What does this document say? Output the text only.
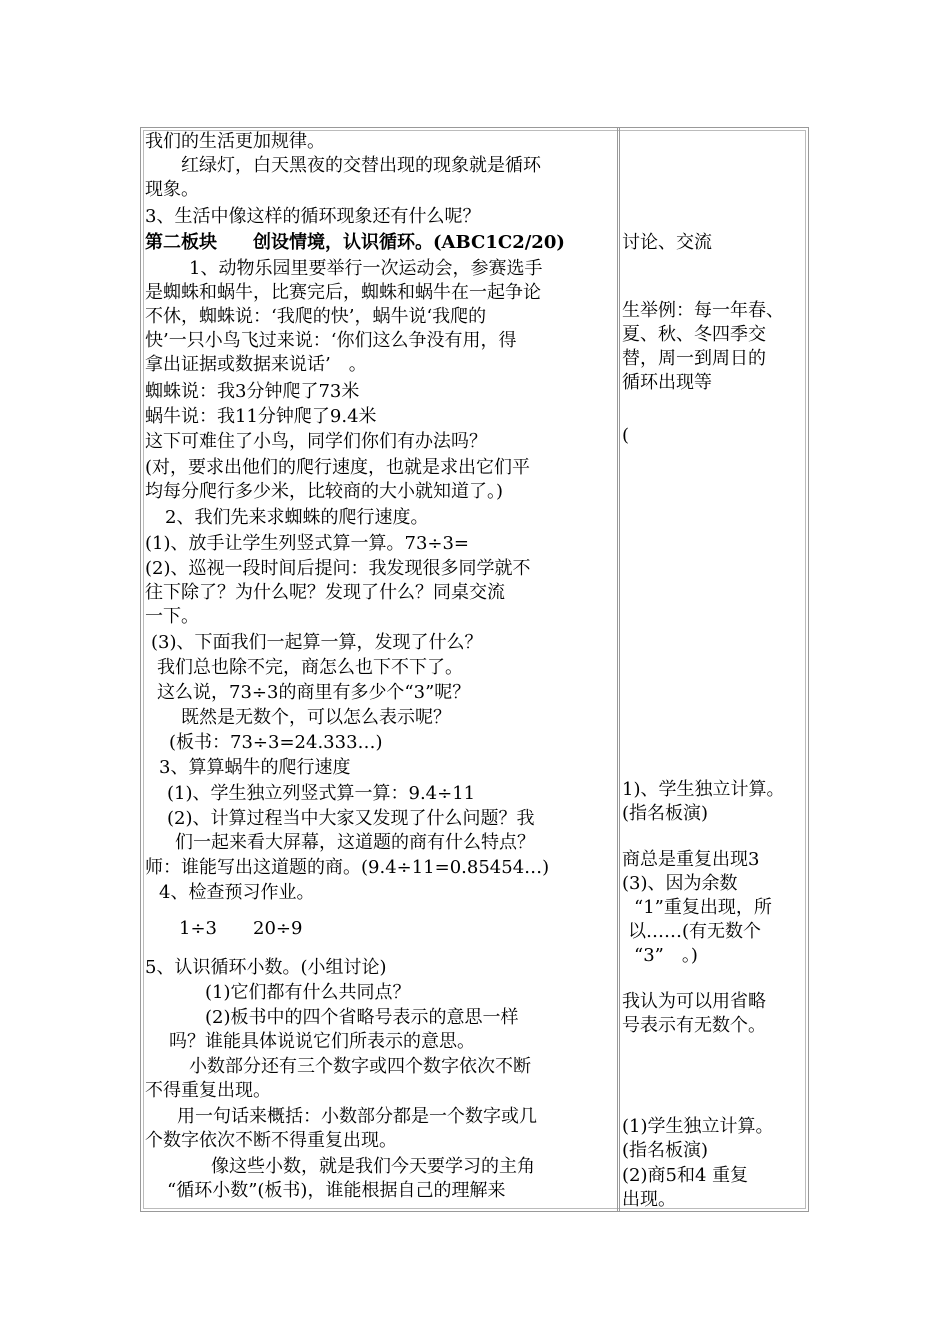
我们的生活更加规律。
红绿灯，白天黑夜的交替出现的现象就是循环
现象。
3、生活中像这样的循环现象还有什么呢？
第二板块　　创设情境，认识循环。(ABC1C2/20)
1、动物乐园里要举行一次运动会，参赛选手
是蜘蛛和蜗牛，比赛完后，蜘蛛和蜗牛在一起争论
不休，蜘蛛说：‘我爬的快’，蜗牛说‘我爬的
快’一只小鸟飞过来说：‘你们这么争没有用，得
拿出证据或数据来说话’　。
蜘蛛说：我3分钟爬了73米
蜗牛说：我11分钟爬了9.4米
这下可难住了小鸟，同学们你们有办法吗？
(对，要求出他们的爬行速度，也就是求出它们平
均每分爬行多少米，比较商的大小就知道了。)
2、我们先来求蜘蛛的爬行速度。
(1)、放手让学生列竖式算一算。73÷3=
(2)、巡视一段时间后提问：我发现很多同学就不
往下除了？为什么呢？发现了什么？同桌交流
一下。
(3)、下面我们一起算一算，发现了什么？
我们总也除不完，商怎么也下不下了。
这么说，73÷3的商里有多少个“3”呢？
既然是无数个，可以怎么表示呢？
(板书：73÷3=24.333…)
3、算算蜗牛的爬行速度
(1)、学生独立列竖式算一算：9.4÷11
(2)、计算过程当中大家又发现了什么问题？我
们一起来看大屏幕，这道题的商有什么特点？
师：谁能写出这道题的商。(9.4÷11=0.85454…)
4、检查预习作业。
1÷3　　20÷9
5、认识循环小数。(小组讨论)
(1)它们都有什么共同点？
(2)板书中的四个省略号表示的意思一样
吗？谁能具体说说它们所表示的意思。
小数部分还有三个数字或四个数字依次不断
不得重复出现。
用一句话来概括：小数部分都是一个数字或几
个数字依次不断不得重复出现。
像这些小数，就是我们今天要学习的主角
“循环小数”(板书)，谁能根据自己的理解来
讨论、交流
生举例：每一年春、
夏、秋、冬四季交
替，周一到周日的
循环出现等
(
1)、学生独立计算。
(指名板演)
商总是重复出现3
(3)、因为余数
“1”重复出现，所
以……(有无数个
“3”　。)
我认为可以用省略
号表示有无数个。
(1)学生独立计算。
(指名板演)
(2)商5和4 重复
出现。
